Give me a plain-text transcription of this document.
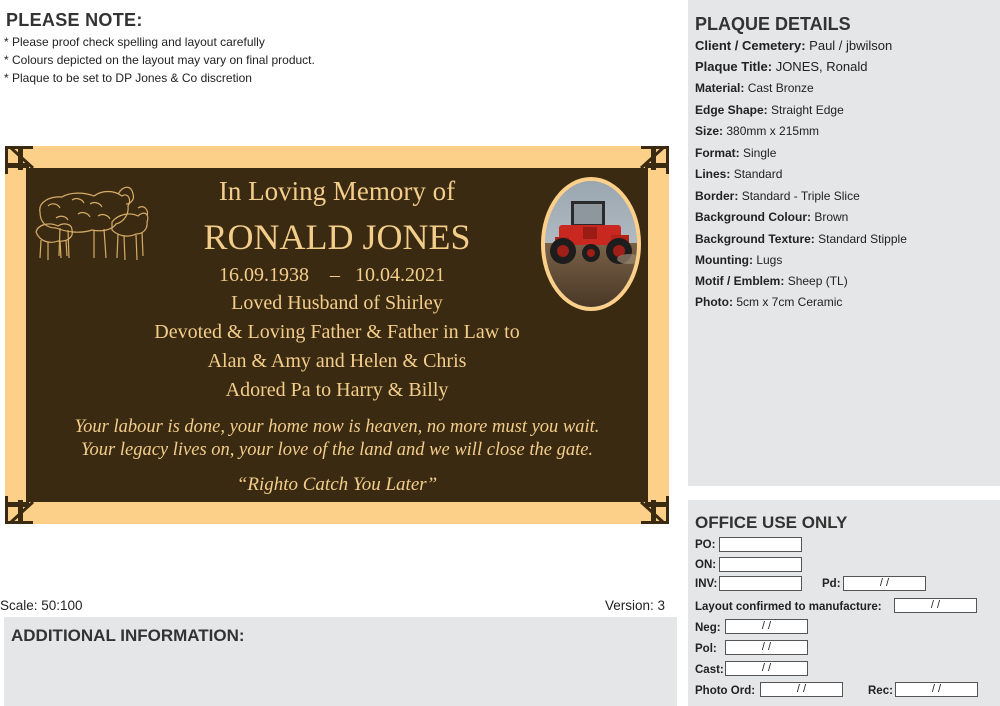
PLEASE NOTE:
* Please proof check spelling and layout carefully
* Colours depicted on the layout may vary on final product.
* Plaque to be set to DP Jones & Co discretion
In Loving Memory of
RONALD JONES
16.09.1938 – 10.04.2021
Loved Husband of Shirley
Devoted & Loving Father & Father in Law to
Alan & Amy and Helen & Chris
Adored Pa to Harry & Billy
Your labour is done, your home now is heaven, no more must you wait.
Your legacy lives on, your love of the land and we will close the gate.
“Righto Catch You Later”
Scale: 50:100	Version: 3
ADDITIONAL INFORMATION:
PLAQUE DETAILS
Client / Cemetery: Paul / jbwilson
Plaque Title: JONES, Ronald
Material: Cast Bronze
Edge Shape: Straight Edge
Size: 380mm x 215mm
Format: Single
Lines: Standard
Border: Standard - Triple Slice
Background Colour: Brown
Background Texture: Standard Stipple
Mounting: Lugs
Motif / Emblem: Sheep (TL)
Photo: 5cm x 7cm Ceramic
OFFICE USE ONLY
PO:
ON:
INV:	Pd:	/ /
Layout confirmed to manufacture:	/ /
Neg:	/ /
Pol:	/ /
Cast:	/ /
Photo Ord:	/ /	Rec:	/ /
